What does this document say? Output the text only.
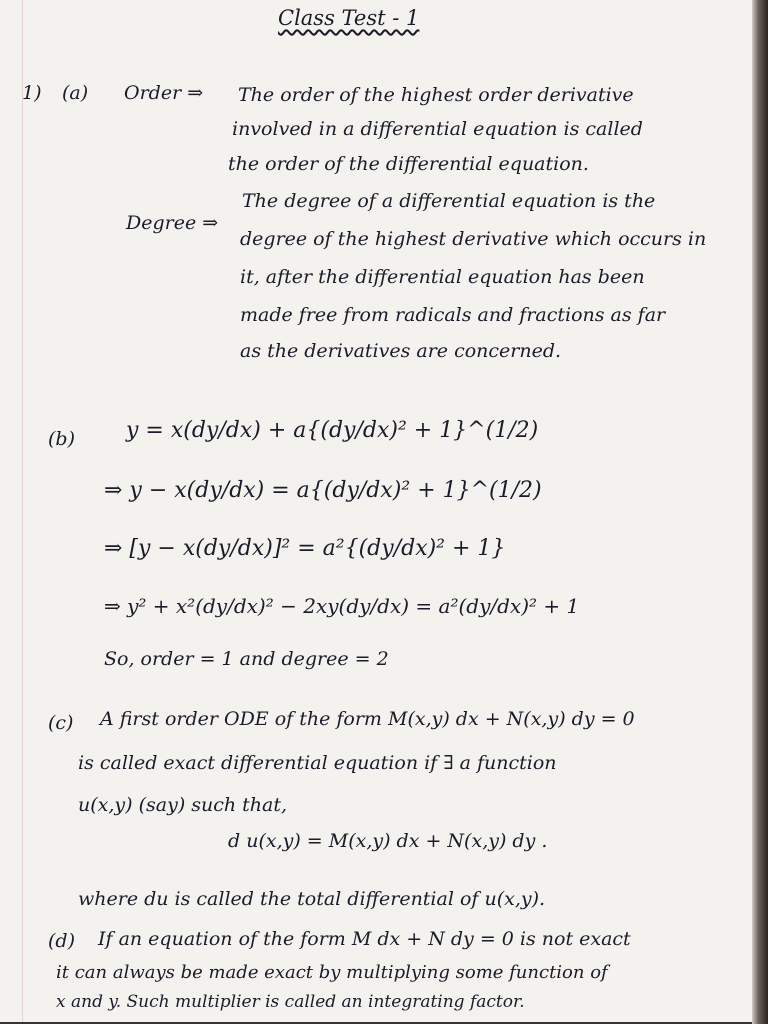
Class Test - 1
1) (a) Order ⇒ The order of the highest order derivative
involved in a differential equation is called
the order of the differential equation.
Degree ⇒
The degree of a differential equation is the
degree of the highest derivative which occurs in
it, after the differential equation has been
made free from radicals and fractions as far
as the derivatives are concerned.
(b) y = x(dy/dx) + a{(dy/dx)² + 1}^(1/2)
⇒ y − x(dy/dx) = a{(dy/dx)² + 1}^(1/2)
⇒ [y − x(dy/dx)]² = a²{(dy/dx)² + 1}
⇒ y² + x²(dy/dx)² − 2xy(dy/dx) = a²(dy/dx)² + 1
So, order = 1 and degree = 2
(c) A first order ODE of the form M(x,y) dx + N(x,y) dy = 0
is called exact differential equation if ∃ a function
u(x,y) (say) such that,
d u(x,y) = M(x,y) dx + N(x,y) dy .
where du is called the total differential of u(x,y).
(d) If an equation of the form M dx + N dy = 0 is not exact
it can always be made exact by multiplying some function of
x and y. Such multiplier is called an integrating factor.
